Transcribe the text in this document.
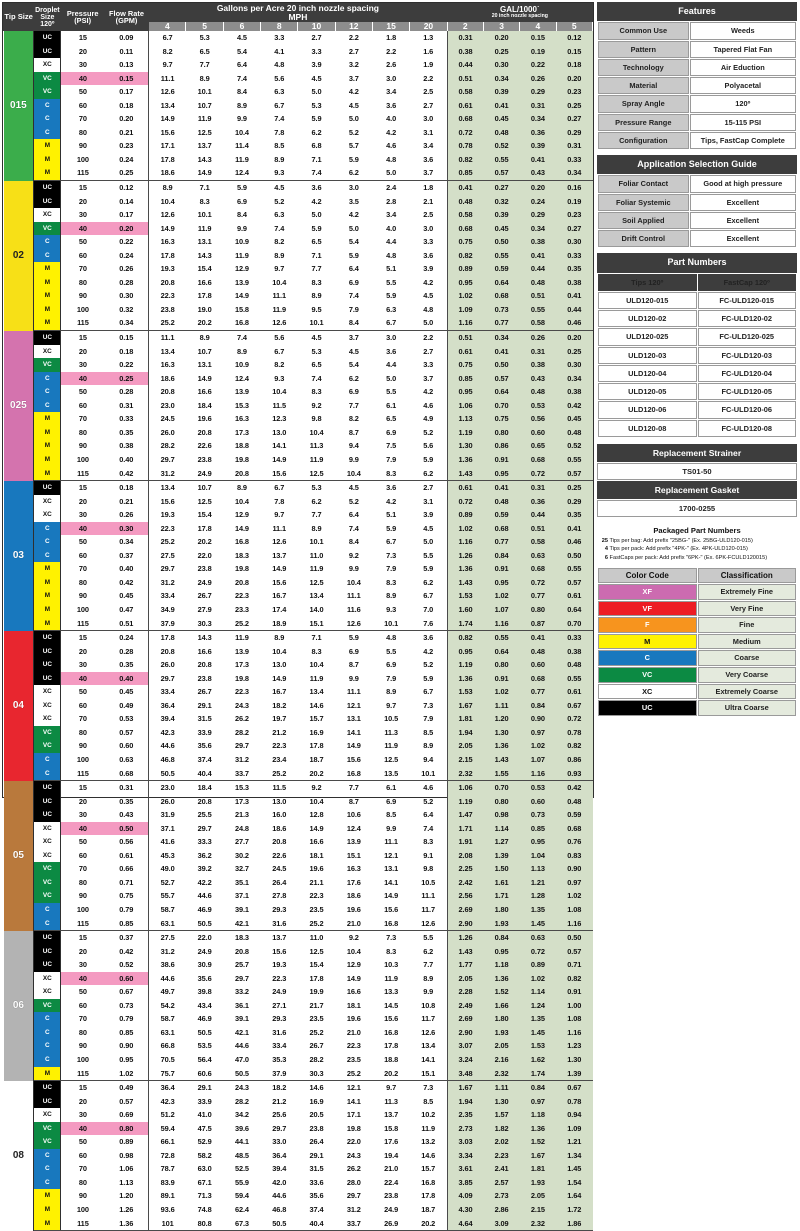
Tip Size	Droplet Size 120º	Pressure (PSI)	Flow Rate (GPM)	
Gallons per Acre 20 inch nozzle spacing
MPH

GAL/1000˙
20 inch nozzle spacing

				4	5	6	8	10	12	15	20	2	3	4	5
015	UC	15	0.09	6.7	5.3	4.5	3.3	2.7	2.2	1.8	1.3	0.31	0.20	0.15	0.12
	UC	20	0.11	8.2	6.5	5.4	4.1	3.3	2.7	2.2	1.6	0.38	0.25	0.19	0.15
	XC	30	0.13	9.7	7.7	6.4	4.8	3.9	3.2	2.6	1.9	0.44	0.30	0.22	0.18
	VC	40	0.15	11.1	8.9	7.4	5.6	4.5	3.7	3.0	2.2	0.51	0.34	0.26	0.20
	VC	50	0.17	12.6	10.1	8.4	6.3	5.0	4.2	3.4	2.5	0.58	0.39	0.29	0.23
	C	60	0.18	13.4	10.7	8.9	6.7	5.3	4.5	3.6	2.7	0.61	0.41	0.31	0.25
	C	70	0.20	14.9	11.9	9.9	7.4	5.9	5.0	4.0	3.0	0.68	0.45	0.34	0.27
	C	80	0.21	15.6	12.5	10.4	7.8	6.2	5.2	4.2	3.1	0.72	0.48	0.36	0.29
	M	90	0.23	17.1	13.7	11.4	8.5	6.8	5.7	4.6	3.4	0.78	0.52	0.39	0.31
	M	100	0.24	17.8	14.3	11.9	8.9	7.1	5.9	4.8	3.6	0.82	0.55	0.41	0.33
	M	115	0.25	18.6	14.9	12.4	9.3	7.4	6.2	5.0	3.7	0.85	0.57	0.43	0.34
02	UC	15	0.12	8.9	7.1	5.9	4.5	3.6	3.0	2.4	1.8	0.41	0.27	0.20	0.16
	UC	20	0.14	10.4	8.3	6.9	5.2	4.2	3.5	2.8	2.1	0.48	0.32	0.24	0.19
	XC	30	0.17	12.6	10.1	8.4	6.3	5.0	4.2	3.4	2.5	0.58	0.39	0.29	0.23
	VC	40	0.20	14.9	11.9	9.9	7.4	5.9	5.0	4.0	3.0	0.68	0.45	0.34	0.27
	C	50	0.22	16.3	13.1	10.9	8.2	6.5	5.4	4.4	3.3	0.75	0.50	0.38	0.30
	C	60	0.24	17.8	14.3	11.9	8.9	7.1	5.9	4.8	3.6	0.82	0.55	0.41	0.33
	M	70	0.26	19.3	15.4	12.9	9.7	7.7	6.4	5.1	3.9	0.89	0.59	0.44	0.35
	M	80	0.28	20.8	16.6	13.9	10.4	8.3	6.9	5.5	4.2	0.95	0.64	0.48	0.38
	M	90	0.30	22.3	17.8	14.9	11.1	8.9	7.4	5.9	4.5	1.02	0.68	0.51	0.41
	M	100	0.32	23.8	19.0	15.8	11.9	9.5	7.9	6.3	4.8	1.09	0.73	0.55	0.44
	M	115	0.34	25.2	20.2	16.8	12.6	10.1	8.4	6.7	5.0	1.16	0.77	0.58	0.46
025	UC	15	0.15	11.1	8.9	7.4	5.6	4.5	3.7	3.0	2.2	0.51	0.34	0.26	0.20
	XC	20	0.18	13.4	10.7	8.9	6.7	5.3	4.5	3.6	2.7	0.61	0.41	0.31	0.25
	VC	30	0.22	16.3	13.1	10.9	8.2	6.5	5.4	4.4	3.3	0.75	0.50	0.38	0.30
	C	40	0.25	18.6	14.9	12.4	9.3	7.4	6.2	5.0	3.7	0.85	0.57	0.43	0.34
	C	50	0.28	20.8	16.6	13.9	10.4	8.3	6.9	5.5	4.2	0.95	0.64	0.48	0.38
	C	60	0.31	23.0	18.4	15.3	11.5	9.2	7.7	6.1	4.6	1.06	0.70	0.53	0.42
	M	70	0.33	24.5	19.6	16.3	12.3	9.8	8.2	6.5	4.9	1.13	0.75	0.56	0.45
	M	80	0.35	26.0	20.8	17.3	13.0	10.4	8.7	6.9	5.2	1.19	0.80	0.60	0.48
	M	90	0.38	28.2	22.6	18.8	14.1	11.3	9.4	7.5	5.6	1.30	0.86	0.65	0.52
	M	100	0.40	29.7	23.8	19.8	14.9	11.9	9.9	7.9	5.9	1.36	0.91	0.68	0.55
	M	115	0.42	31.2	24.9	20.8	15.6	12.5	10.4	8.3	6.2	1.43	0.95	0.72	0.57
03	UC	15	0.18	13.4	10.7	8.9	6.7	5.3	4.5	3.6	2.7	0.61	0.41	0.31	0.25
	XC	20	0.21	15.6	12.5	10.4	7.8	6.2	5.2	4.2	3.1	0.72	0.48	0.36	0.29
	XC	30	0.26	19.3	15.4	12.9	9.7	7.7	6.4	5.1	3.9	0.89	0.59	0.44	0.35
	C	40	0.30	22.3	17.8	14.9	11.1	8.9	7.4	5.9	4.5	1.02	0.68	0.51	0.41
	C	50	0.34	25.2	20.2	16.8	12.6	10.1	8.4	6.7	5.0	1.16	0.77	0.58	0.46
	C	60	0.37	27.5	22.0	18.3	13.7	11.0	9.2	7.3	5.5	1.26	0.84	0.63	0.50
	M	70	0.40	29.7	23.8	19.8	14.9	11.9	9.9	7.9	5.9	1.36	0.91	0.68	0.55
	M	80	0.42	31.2	24.9	20.8	15.6	12.5	10.4	8.3	6.2	1.43	0.95	0.72	0.57
	M	90	0.45	33.4	26.7	22.3	16.7	13.4	11.1	8.9	6.7	1.53	1.02	0.77	0.61
	M	100	0.47	34.9	27.9	23.3	17.4	14.0	11.6	9.3	7.0	1.60	1.07	0.80	0.64
	M	115	0.51	37.9	30.3	25.2	18.9	15.1	12.6	10.1	7.6	1.74	1.16	0.87	0.70
04	UC	15	0.24	17.8	14.3	11.9	8.9	7.1	5.9	4.8	3.6	0.82	0.55	0.41	0.33
	UC	20	0.28	20.8	16.6	13.9	10.4	8.3	6.9	5.5	4.2	0.95	0.64	0.48	0.38
	UC	30	0.35	26.0	20.8	17.3	13.0	10.4	8.7	6.9	5.2	1.19	0.80	0.60	0.48
	UC	40	0.40	29.7	23.8	19.8	14.9	11.9	9.9	7.9	5.9	1.36	0.91	0.68	0.55
	XC	50	0.45	33.4	26.7	22.3	16.7	13.4	11.1	8.9	6.7	1.53	1.02	0.77	0.61
	XC	60	0.49	36.4	29.1	24.3	18.2	14.6	12.1	9.7	7.3	1.67	1.11	0.84	0.67
	XC	70	0.53	39.4	31.5	26.2	19.7	15.7	13.1	10.5	7.9	1.81	1.20	0.90	0.72
	VC	80	0.57	42.3	33.9	28.2	21.2	16.9	14.1	11.3	8.5	1.94	1.30	0.97	0.78
	VC	90	0.60	44.6	35.6	29.7	22.3	17.8	14.9	11.9	8.9	2.05	1.36	1.02	0.82
	C	100	0.63	46.8	37.4	31.2	23.4	18.7	15.6	12.5	9.4	2.15	1.43	1.07	0.86
	C	115	0.68	50.5	40.4	33.7	25.2	20.2	16.8	13.5	10.1	2.32	1.55	1.16	0.93
05	UC	15	0.31	23.0	18.4	15.3	11.5	9.2	7.7	6.1	4.6	1.06	0.70	0.53	0.42
	UC	20	0.35	26.0	20.8	17.3	13.0	10.4	8.7	6.9	5.2	1.19	0.80	0.60	0.48
	UC	30	0.43	31.9	25.5	21.3	16.0	12.8	10.6	8.5	6.4	1.47	0.98	0.73	0.59
	XC	40	0.50	37.1	29.7	24.8	18.6	14.9	12.4	9.9	7.4	1.71	1.14	0.85	0.68
	XC	50	0.56	41.6	33.3	27.7	20.8	16.6	13.9	11.1	8.3	1.91	1.27	0.95	0.76
	XC	60	0.61	45.3	36.2	30.2	22.6	18.1	15.1	12.1	9.1	2.08	1.39	1.04	0.83
	VC	70	0.66	49.0	39.2	32.7	24.5	19.6	16.3	13.1	9.8	2.25	1.50	1.13	0.90
	VC	80	0.71	52.7	42.2	35.1	26.4	21.1	17.6	14.1	10.5	2.42	1.61	1.21	0.97
	VC	90	0.75	55.7	44.6	37.1	27.8	22.3	18.6	14.9	11.1	2.56	1.71	1.28	1.02
	C	100	0.79	58.7	46.9	39.1	29.3	23.5	19.6	15.6	11.7	2.69	1.80	1.35	1.08
	C	115	0.85	63.1	50.5	42.1	31.6	25.2	21.0	16.8	12.6	2.90	1.93	1.45	1.16
06	UC	15	0.37	27.5	22.0	18.3	13.7	11.0	9.2	7.3	5.5	1.26	0.84	0.63	0.50
	UC	20	0.42	31.2	24.9	20.8	15.6	12.5	10.4	8.3	6.2	1.43	0.95	0.72	0.57
	UC	30	0.52	38.6	30.9	25.7	19.3	15.4	12.9	10.3	7.7	1.77	1.18	0.89	0.71
	XC	40	0.60	44.6	35.6	29.7	22.3	17.8	14.9	11.9	8.9	2.05	1.36	1.02	0.82
	XC	50	0.67	49.7	39.8	33.2	24.9	19.9	16.6	13.3	9.9	2.28	1.52	1.14	0.91
	VC	60	0.73	54.2	43.4	36.1	27.1	21.7	18.1	14.5	10.8	2.49	1.66	1.24	1.00
	C	70	0.79	58.7	46.9	39.1	29.3	23.5	19.6	15.6	11.7	2.69	1.80	1.35	1.08
	C	80	0.85	63.1	50.5	42.1	31.6	25.2	21.0	16.8	12.6	2.90	1.93	1.45	1.16
	C	90	0.90	66.8	53.5	44.6	33.4	26.7	22.3	17.8	13.4	3.07	2.05	1.53	1.23
	C	100	0.95	70.5	56.4	47.0	35.3	28.2	23.5	18.8	14.1	3.24	2.16	1.62	1.30
	M	115	1.02	75.7	60.6	50.5	37.9	30.3	25.2	20.2	15.1	3.48	2.32	1.74	1.39
08	UC	15	0.49	36.4	29.1	24.3	18.2	14.6	12.1	9.7	7.3	1.67	1.11	0.84	0.67
	UC	20	0.57	42.3	33.9	28.2	21.2	16.9	14.1	11.3	8.5	1.94	1.30	0.97	0.78
	XC	30	0.69	51.2	41.0	34.2	25.6	20.5	17.1	13.7	10.2	2.35	1.57	1.18	0.94
	VC	40	0.80	59.4	47.5	39.6	29.7	23.8	19.8	15.8	11.9	2.73	1.82	1.36	1.09
	VC	50	0.89	66.1	52.9	44.1	33.0	26.4	22.0	17.6	13.2	3.03	2.02	1.52	1.21
	C	60	0.98	72.8	58.2	48.5	36.4	29.1	24.3	19.4	14.6	3.34	2.23	1.67	1.34
	C	70	1.06	78.7	63.0	52.5	39.4	31.5	26.2	21.0	15.7	3.61	2.41	1.81	1.45
	C	80	1.13	83.9	67.1	55.9	42.0	33.6	28.0	22.4	16.8	3.85	2.57	1.93	1.54
	M	90	1.20	89.1	71.3	59.4	44.6	35.6	29.7	23.8	17.8	4.09	2.73	2.05	1.64
	M	100	1.26	93.6	74.8	62.4	46.8	37.4	31.2	24.9	18.7	4.30	2.86	2.15	1.72
	M	115	1.36	101	80.8	67.3	50.5	40.4	33.7	26.9	20.2	4.64	3.09	2.32	1.86
Features
Common Use	Weeds
Pattern	Tapered Flat Fan
Technology	Air Eduction
Material	Polyacetal
Spray Angle	120º
Pressure Range	15-115 PSI
Configuration	Tips, FastCap Complete
Application Selection Guide
Foliar Contact	Good at high pressure
Foliar Systemic	Excellent
Soil Applied	Excellent
Drift Control	Excellent
Part Numbers
Tips 120º	FastCap 120º
ULD120-015	FC-ULD120-015
ULD120-02	FC-ULD120-02
ULD120-025	FC-ULD120-025
ULD120-03	FC-ULD120-03
ULD120-04	FC-ULD120-04
ULD120-05	FC-ULD120-05
ULD120-06	FC-ULD120-06
ULD120-08	FC-ULD120-08
Replacement Strainer
TS01-50
Replacement Gasket
1700-0255
Packaged Part Numbers
25 Tips per bag: Add prefix "25BG-" (Ex. 25BG-ULD120-015)
4 Tips per pack: Add prefix "4PK-" (Ex. 4PK-ULD120-015)
6 FastCaps per pack: Add prefix "6PK-" (Ex. 6PK-FCULD120015)
Color Code	Classification
XF	Extremely Fine
VF	Very Fine
F	Fine
M	Medium
C	Coarse
VC	Very Coarse
XC	Extremely Coarse
UC	Ultra Coarse
